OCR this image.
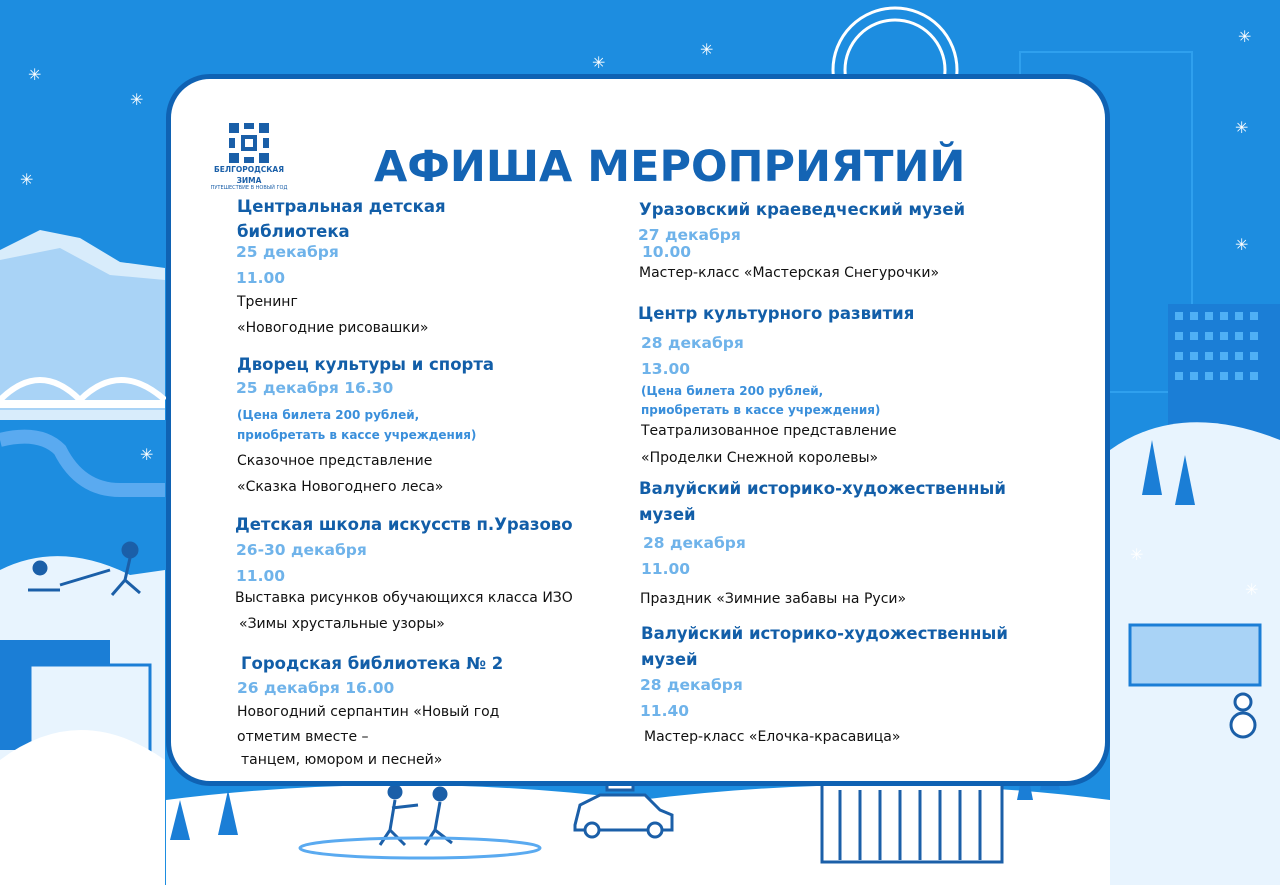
✳
✳
✳
✳
✳
✳
✳
✳
✳
✳
✳
✳
✳
✳
БЕЛГОРОДСКАЯ
ЗИМА
ПУТЕШЕСТВИЕ В НОВЫЙ ГОД АФИША МЕРОПРИЯТИЙ
Центральная детская
библиотека
25 декабря
11.00
Тренинг
«Новогодние рисовашки»
Дворец культуры и спорта
25 декабря 16.30
(Цена билета 200 рублей,
приобретать в кассе учреждения)
Сказочное представление
«Сказка Новогоднего леса»
Детская школа искусств п.Уразово
26-30 декабря
11.00
Выставка рисунков обучающихся класса ИЗО
«Зимы хрустальные узоры»
Городская библиотека № 2
26 декабря 16.00
Новогодний серпантин «Новый год
отметим вместе –
танцем, юмором и песней»
Уразовский краеведческий музей
27 декабря
10.00
Мастер-класс «Мастерская Снегурочки»
Центр культурного развития
28 декабря
13.00
(Цена билета 200 рублей,
приобретать в кассе учреждения)
Театрализованное представление
«Проделки Снежной королевы»
Валуйский историко-художественный
музей
28 декабря
11.00
Праздник «Зимние забавы на Руси»
Валуйский историко-художественный
музей
28 декабря
11.40
Мастер-класс «Елочка-красавица»
